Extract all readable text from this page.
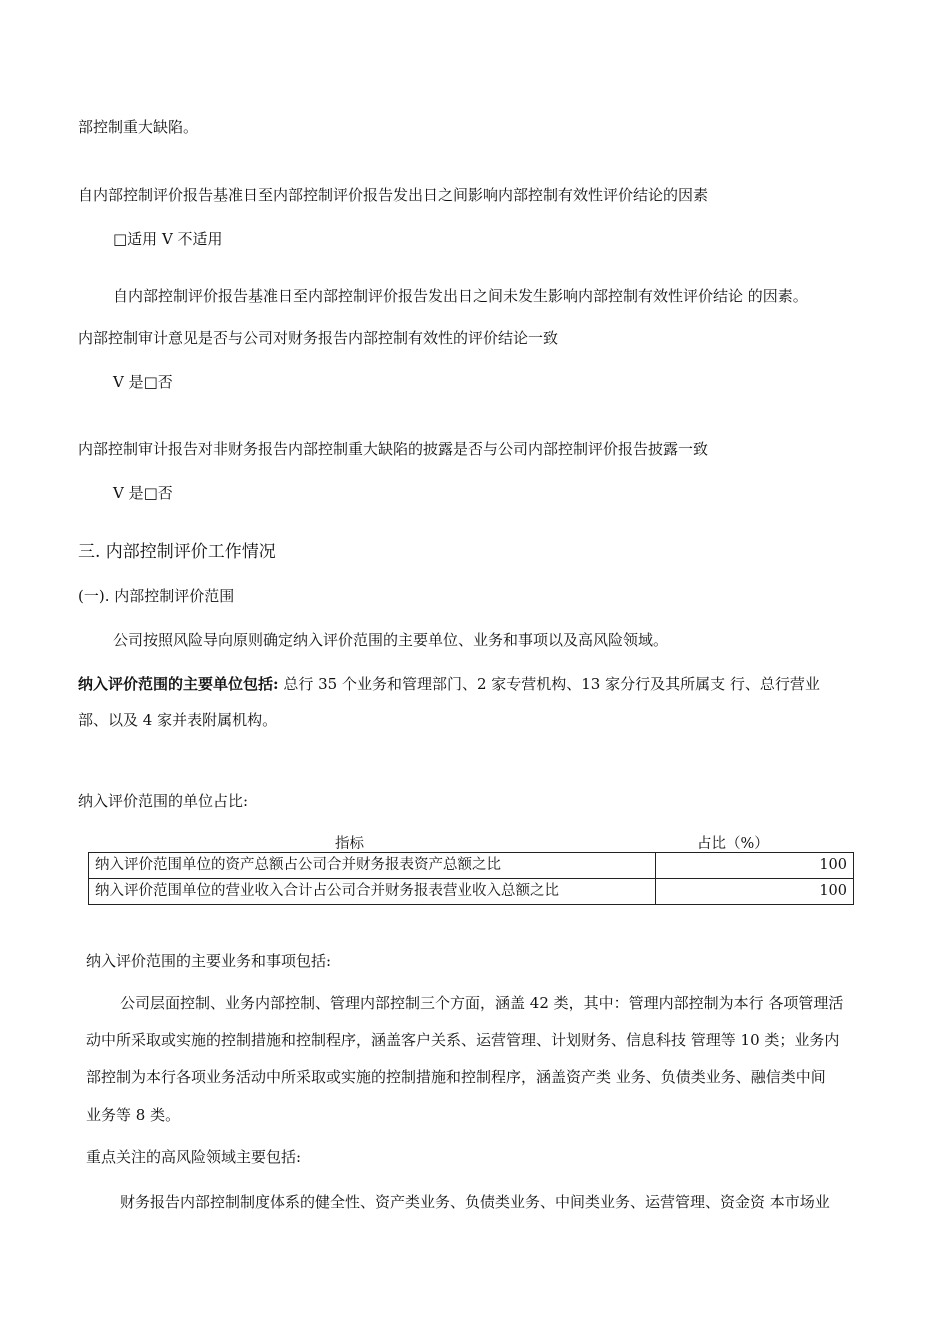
部控制重大缺陷。
自内部控制评价报告基准日至内部控制评价报告发出日之间影响内部控制有效性评价结论的因素
□适用 V 不适用
自内部控制评价报告基准日至内部控制评价报告发出日之间未发生影响内部控制有效性评价结论 的因素。
内部控制审计意见是否与公司对财务报告内部控制有效性的评价结论一致
V 是□否
内部控制审计报告对非财务报告内部控制重大缺陷的披露是否与公司内部控制评价报告披露一致
V 是□否
三. 内部控制评价工作情况
(一). 内部控制评价范围
公司按照风险导向原则确定纳入评价范围的主要单位、业务和事项以及高风险领域。
纳入评价范围的主要单位包括: 总行 35 个业务和管理部门、2 家专营机构、13 家分行及其所属支 行、总行营业
部、以及 4 家并表附属机构。
纳入评价范围的单位占比:
指标	占比（%）
纳入评价范围单位的资产总额占公司合并财务报表资产总额之比	100
纳入评价范围单位的营业收入合计占公司合并财务报表营业收入总额之比	100
纳入评价范围的主要业务和事项包括:
公司层面控制、业务内部控制、管理内部控制三个方面，涵盖 42 类，其中：管理内部控制为本行 各项管理活
动中所采取或实施的控制措施和控制程序，涵盖客户关系、运营管理、计划财务、信息科技 管理等 10 类；业务内
部控制为本行各项业务活动中所采取或实施的控制措施和控制程序，涵盖资产类 业务、负债类业务、融信类中间
业务等 8 类。
重点关注的高风险领域主要包括:
财务报告内部控制制度体系的健全性、资产类业务、负债类业务、中间类业务、运营管理、资金资 本市场业
